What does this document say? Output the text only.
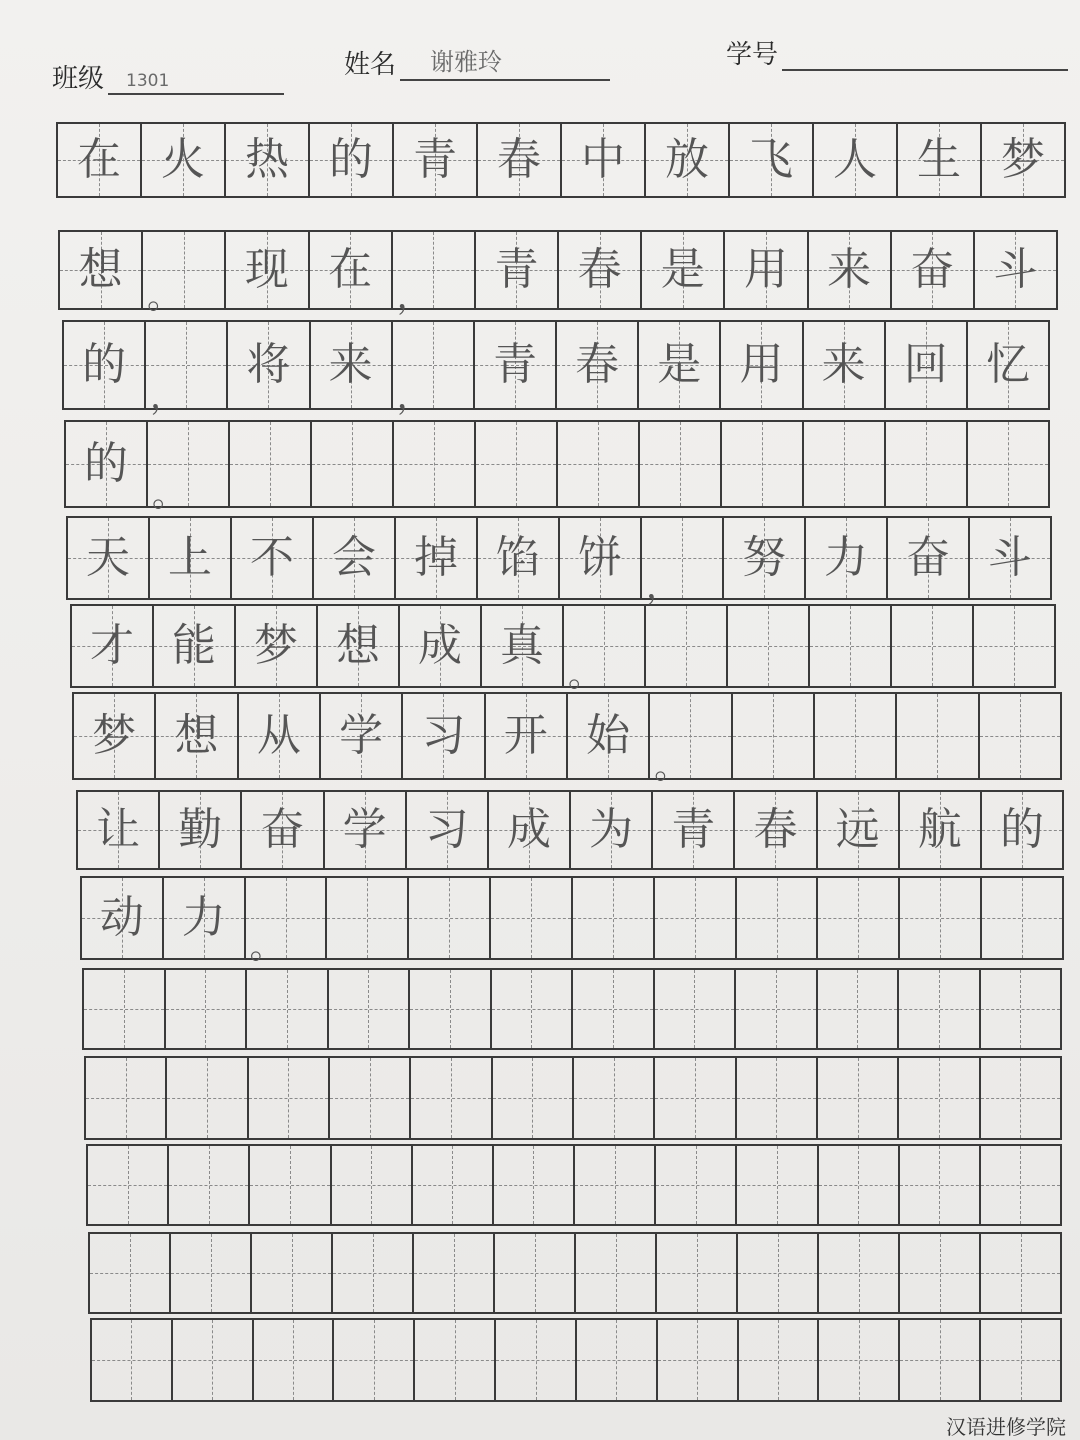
班级 1301
姓名 谢雅玲	学号
在 火 热 的 青 春 中 放 飞 人 生 梦
想
。
现 在
，
青 春 是 用 来 奋 斗
的
，
将 来
，
青 春 是 用 来 回 忆
的
。
天 上 不 会 掉 馅 饼
，
努 力 奋 斗
才 能 梦 想 成 真
。
梦 想 从 学 习 开 始
。
让 勤 奋 学 习 成 为 青 春 远 航 的
动 力
。
汉语进修学院
